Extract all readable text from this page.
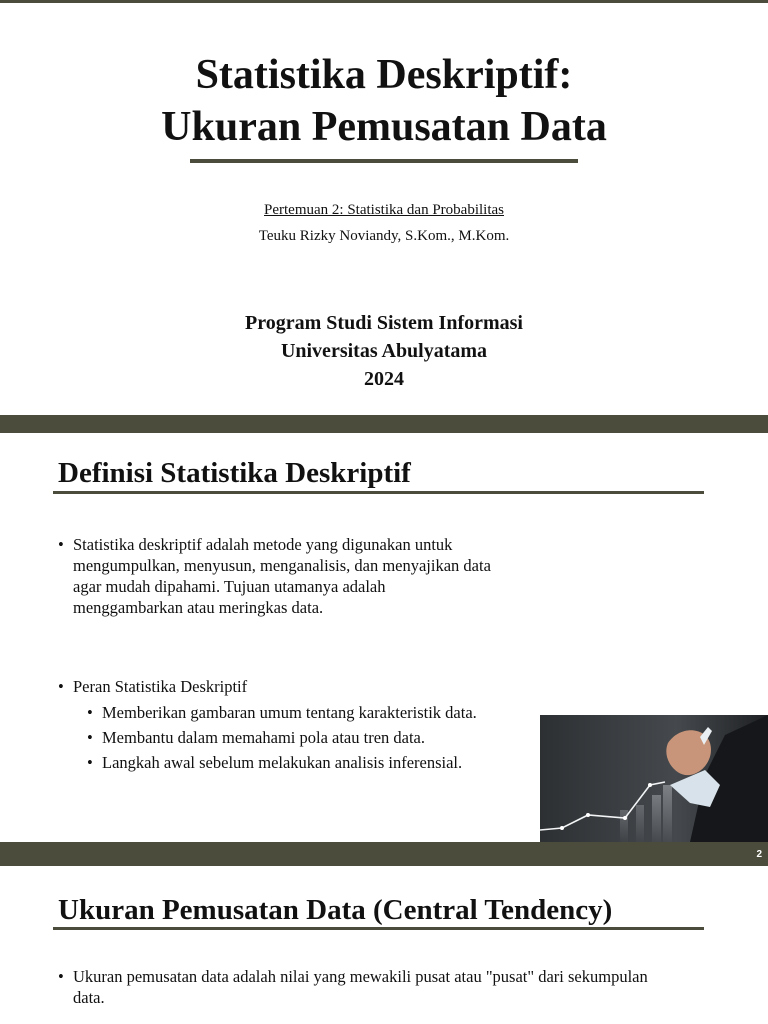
Statistika Deskriptif:
Ukuran Pemusatan Data
Pertemuan 2: Statistika dan Probabilitas
Teuku Rizky Noviandy, S.Kom., M.Kom.
Program Studi Sistem Informasi
Universitas Abulyatama
2024
Definisi Statistika Deskriptif
• Statistika deskriptif adalah metode yang digunakan untuk mengumpulkan, menyusun, menganalisis, dan menyajikan data agar mudah dipahami. Tujuan utamanya adalah menggambarkan atau meringkas data.
• Peran Statistika Deskriptif
• Memberikan gambaran umum tentang karakteristik data.
• Membantu dalam memahami pola atau tren data.
• Langkah awal sebelum melakukan analisis inferensial.
2
Ukuran Pemusatan Data (Central Tendency)
• Ukuran pemusatan data adalah nilai yang mewakili pusat atau "pusat" dari sekumpulan data.
